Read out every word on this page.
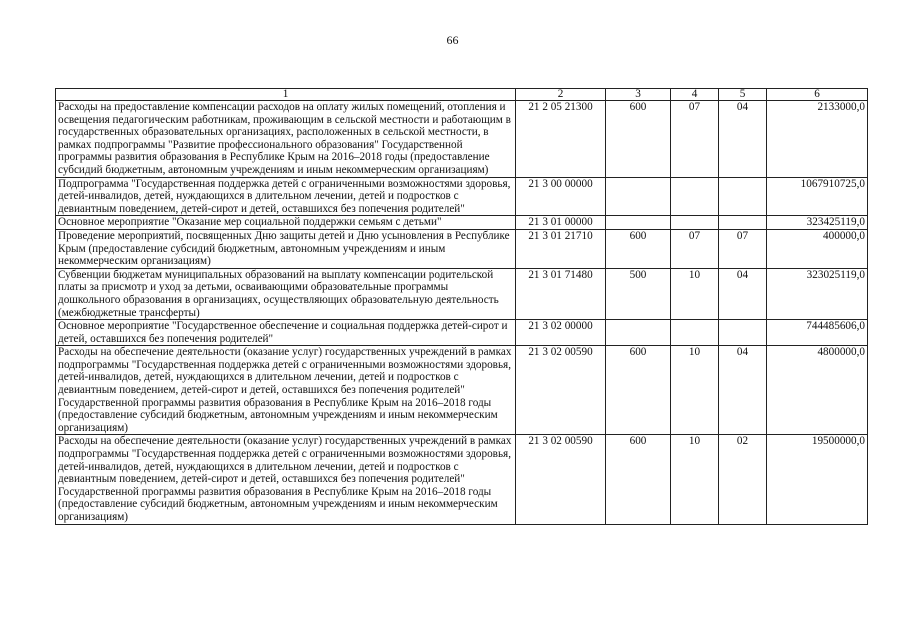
66
1	2	3	4	5	6
Расходы на предоставление компенсации расходов на оплату жилых помещений, отопления и освещения педагогическим работникам, проживающим в сельской местности и работающим в государственных образовательных организациях, расположенных в сельской местности, в рамках подпрограммы "Развитие профессионального образования" Государственной программы развития образования в Республике Крым на 2016–2018 годы (предоставление субсидий бюджетным, автономным учреждениям и иным некоммерческим организациям)	21 2 05 21300	600	07	04	2133000,0
Подпрограмма "Государственная поддержка детей с ограниченными возможностями здоровья, детей-инвалидов, детей, нуждающихся в длительном лечении, детей и подростков с девиантным поведением, детей-сирот и детей, оставшихся без попечения родителей"	21 3 00 00000				1067910725,0
Основное мероприятие "Оказание мер социальной поддержки семьям с детьми"	21 3 01 00000				323425119,0
Проведение мероприятий, посвященных Дню защиты детей и Дню усыновления в Республике Крым (предоставление субсидий бюджетным, автономным учреждениям и иным некоммерческим организациям)	21 3 01 21710	600	07	07	400000,0
Субвенции бюджетам муниципальных образований на выплату компенсации родительской платы за присмотр и уход за детьми, осваивающими образовательные программы дошкольного образования в организациях, осуществляющих образовательную деятельность (межбюджетные трансферты)	21 3 01 71480	500	10	04	323025119,0
Основное мероприятие "Государственное обеспечение и социальная поддержка детей-сирот и детей, оставшихся без попечения родителей"	21 3 02 00000				744485606,0
Расходы на обеспечение деятельности (оказание услуг) государственных учреждений в рамках подпрограммы "Государственная поддержка детей с ограниченными возможностями здоровья, детей-инвалидов, детей, нуждающихся в длительном лечении, детей и подростков с девиантным поведением, детей-сирот и детей, оставшихся без попечения родителей" Государственной программы развития образования в Республике Крым на 2016–2018 годы (предоставление субсидий бюджетным, автономным учреждениям и иным некоммерческим организациям)	21 3 02 00590	600	10	04	4800000,0
Расходы на обеспечение деятельности (оказание услуг) государственных учреждений в рамках подпрограммы "Государственная поддержка детей с ограниченными возможностями здоровья, детей-инвалидов, детей, нуждающихся в длительном лечении, детей и подростков с девиантным поведением, детей-сирот и детей, оставшихся без попечения родителей" Государственной программы развития образования в Республике Крым на 2016–2018 годы (предоставление субсидий бюджетным, автономным учреждениям и иным некоммерческим организациям)	21 3 02 00590	600	10	02	19500000,0
